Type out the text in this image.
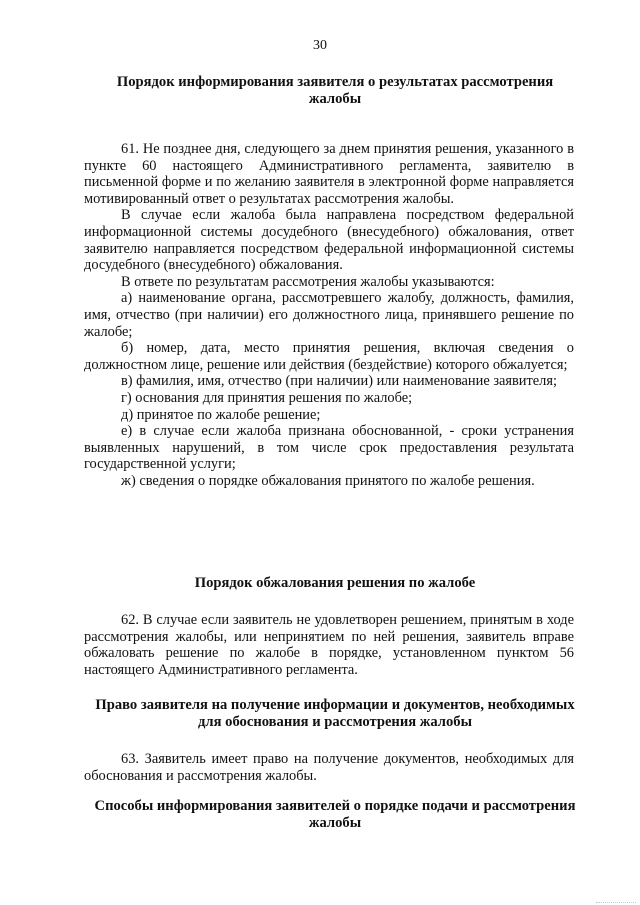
30
Порядок информирования заявителя о результатах рассмотрения жалобы

61. Не позднее дня, следующего за днем принятия решения, указанного в пункте 60 настоящего Административного регламента, заявителю в письменной форме и по желанию заявителя в электронной форме направляется мотивированный ответ о результатах рассмотрения жалобы.

В случае если жалоба была направлена посредством федеральной информационной системы досудебного (внесудебного) обжалования, ответ заявителю направляется посредством федеральной информационной системы досудебного (внесудебного) обжалования.

В ответе по результатам рассмотрения жалобы указываются:

а) наименование органа, рассмотревшего жалобу, должность, фамилия, имя, отчество (при наличии) его должностного лица, принявшего решение по жалобе;

б) номер, дата, место принятия решения, включая сведения о должностном лице, решение или действия (бездействие) которого обжалуется;

в) фамилия, имя, отчество (при наличии) или наименование заявителя;

г) основания для принятия решения по жалобе;

д) принятое по жалобе решение;

е) в случае если жалоба признана обоснованной, - сроки устранения выявленных нарушений, в том числе срок предоставления результата государственной услуги;

ж) сведения о порядке обжалования принятого по жалобе решения.

Порядок обжалования решения по жалобе

62. В случае если заявитель не удовлетворен решением, принятым в ходе рассмотрения жалобы, или непринятием по ней решения, заявитель вправе обжаловать решение по жалобе в порядке, установленном пунктом 56 настоящего Административного регламента.

Право заявителя на получение информации и документов, необходимых для обоснования и рассмотрения жалобы

63. Заявитель имеет право на получение документов, необходимых для обоснования и рассмотрения жалобы.

Способы информирования заявителей о порядке подачи и рассмотрения жалобы
